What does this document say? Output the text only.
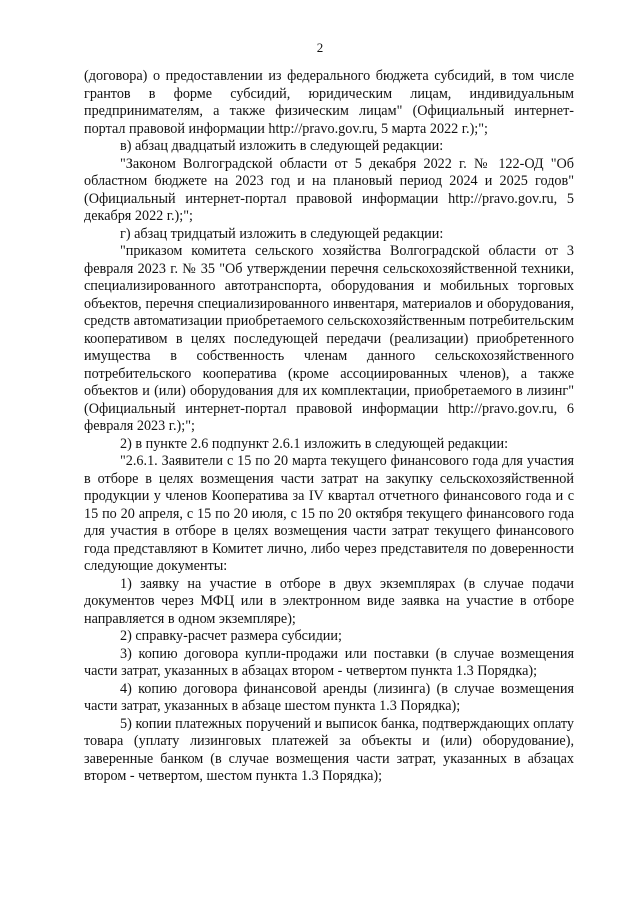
2

(договора) о предоставлении из федерального бюджета субсидий, в том числе грантов в форме субсидий, юридическим лицам, индивидуальным предпринимателям, а также физическим лицам" (Официальный интернет-портал правовой информации http://pravo.gov.ru, 5 марта 2022 г.);";

в) абзац двадцатый изложить в следующей редакции:

"Законом Волгоградской области от 5 декабря 2022 г. № 122-ОД "Об областном бюджете на 2023 год и на плановый период 2024 и 2025 годов" (Официальный интернет-портал правовой информации http://pravo.gov.ru, 5 декабря 2022 г.);";

г) абзац тридцатый изложить в следующей редакции:

"приказом комитета сельского хозяйства Волгоградской области от 3 февраля 2023 г. № 35 "Об утверждении перечня сельскохозяйственной техники, специализированного автотранспорта, оборудования и мобильных торговых объектов, перечня специализированного инвентаря, материалов и оборудования, средств автоматизации приобретаемого сельскохозяйственным потребительским кооперативом в целях последующей передачи (реализации) приобретенного имущества в собственность членам данного сельскохозяйственного потребительского кооператива (кроме ассоциированных членов), а также объектов и (или) оборудования для их комплектации, приобретаемого в лизинг" (Официальный интернет-портал правовой информации http://pravo.gov.ru, 6 февраля 2023 г.);";

2) в пункте 2.6 подпункт 2.6.1 изложить в следующей редакции:

"2.6.1. Заявители с 15 по 20 марта текущего финансового года для участия в отборе в целях возмещения части затрат на закупку сельскохозяйственной продукции у членов Кооператива за IV квартал отчетного финансового года и с 15 по 20 апреля, с 15 по 20 июля, с 15 по 20 октября текущего финансового года для участия в отборе в целях возмещения части затрат текущего финансового года представляют в Комитет лично, либо через представителя по доверенности следующие документы:

1) заявку на участие в отборе в двух экземплярах (в случае подачи документов через МФЦ или в электронном виде заявка на участие в отборе направляется в одном экземпляре);

2) справку-расчет размера субсидии;

3) копию договора купли-продажи или поставки (в случае возмещения части затрат, указанных в абзацах втором - четвертом пункта 1.3 Порядка);

4) копию договора финансовой аренды (лизинга) (в случае возмещения части затрат, указанных в абзаце шестом пункта 1.3 Порядка);

5) копии платежных поручений и выписок банка, подтверждающих оплату товара (уплату лизинговых платежей за объекты и (или) оборудование), заверенные банком (в случае возмещения части затрат, указанных в абзацах втором - четвертом, шестом пункта 1.3 Порядка);
